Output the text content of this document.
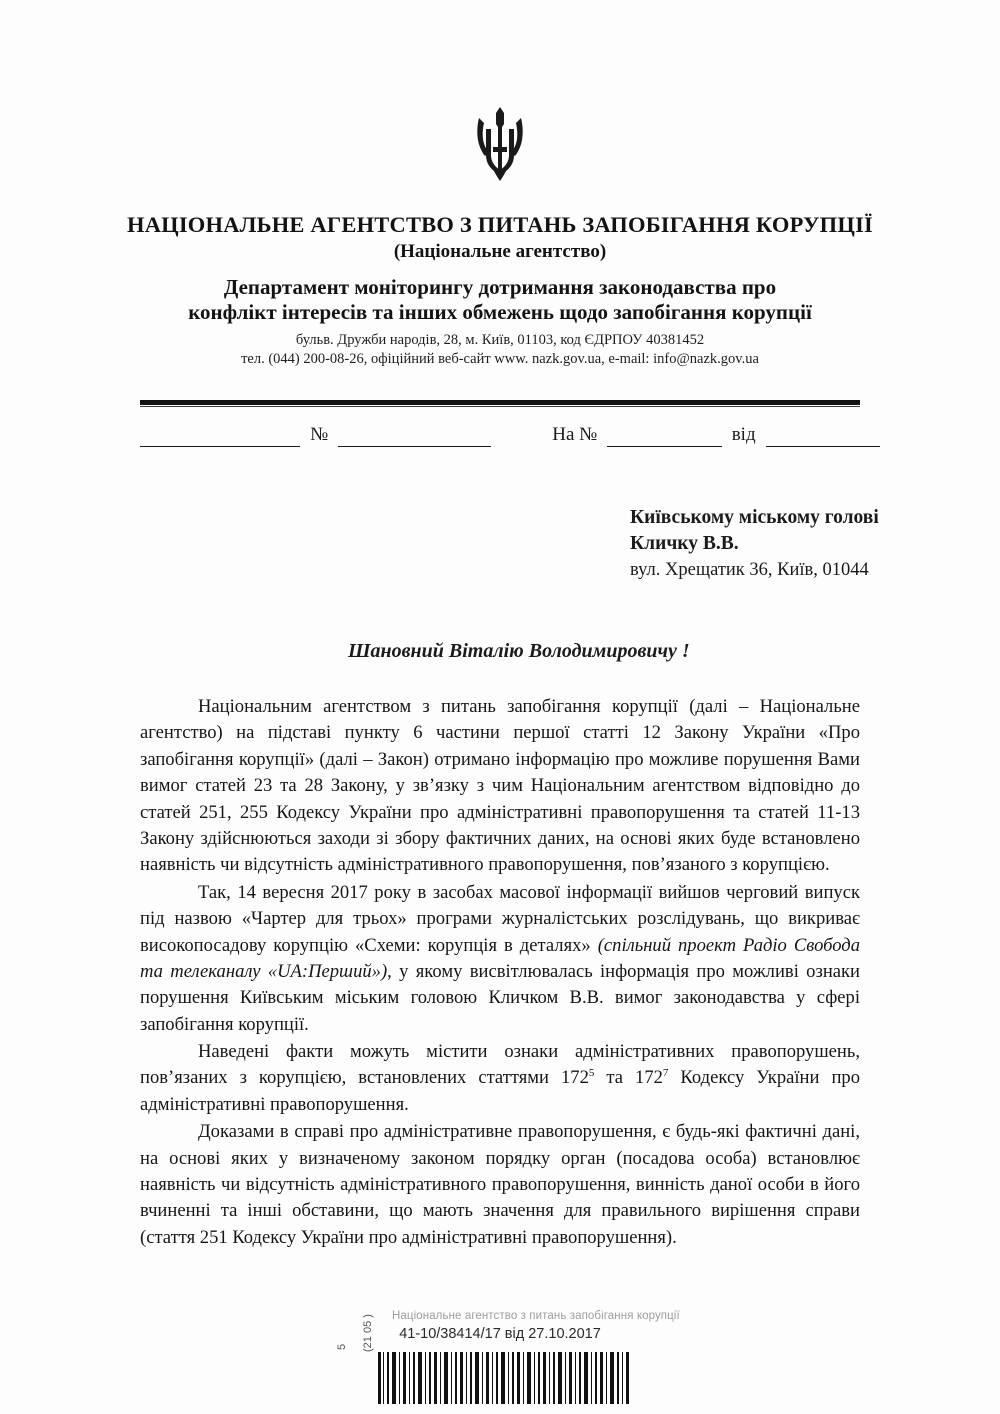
НАЦІОНАЛЬНЕ АГЕНТСТВО З ПИТАНЬ ЗАПОБІГАННЯ КОРУПЦІЇ
(Національне агентство)
Департамент моніторингу дотримання законодавства про
конфлікт інтересів та інших обмежень щодо запобігання корупції
бульв. Дружби народів, 28, м. Київ, 01103, код ЄДРПОУ 40381452
тел. (044) 200-08-26, офіційний веб-сайт www. nazk.gov.ua, e-mail: info@nazk.gov.ua
№	На №	від
Київському міському голові
Кличку В.В.
вул. Хрещатик 36, Київ, 01044
Шановний Віталію Володимировичу !

Національним агентством з питань запобігання корупції (далі – Національне агентство) на підставі пункту 6 частини першої статті 12 Закону України «Про запобігання корупції» (далі – Закон) отримано інформацію про можливе порушення Вами вимог статей 23 та 28 Закону, у зв’язку з чим Національним агентством відповідно до статей 251, 255 Кодексу України про адміністративні правопорушення та статей 11-13 Закону здійснюються заходи зі збору фактичних даних, на основі яких буде встановлено наявність чи відсутність адміністративного правопорушення, пов’язаного з корупцією.

Так, 14 вересня 2017 року в засобах масової інформації вийшов черговий випуск під назвою «Чартер для трьох» програми журналістських розслідувань, що викриває високопосадову корупцію «Схеми: корупція в деталях» (спільний проект Радіо Свобода та телеканалу «UA:Перший»), у якому висвітлювалась інформація про можливі ознаки порушення Київським міським головою Кличком В.В. вимог законодавства у сфері запобігання корупції.

Наведені факти можуть містити ознаки адміністративних правопорушень, пов’язаних з корупцією, встановлених статтями $172^5$ та $172^7$ Кодексу України про адміністративні правопорушення.

Доказами в справі про адміністративне правопорушення, є будь-які фактичні дані, на основі яких у визначеному законом порядку орган (посадова особа) встановлює наявність чи відсутність адміністративного правопорушення, винність даної особи в його вчиненні та інші обставини, що мають значення для правильного вирішення справи (стаття 251 Кодексу України про адміністративні правопорушення).

Національне агентство з питань запобігання корупції
41-10/38414/17 від 27.10.2017
5 (21 05 )
